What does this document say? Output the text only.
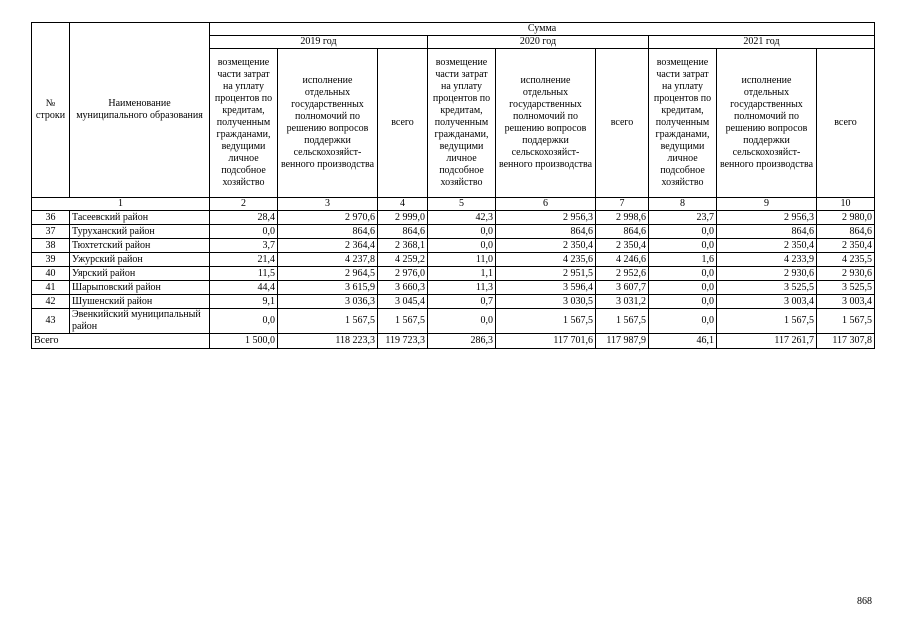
№ строки	Наименование муниципального образования	Сумма								
		2019 год			2020 год			2021 год		
		возмещение части затрат на уплату процентов по кредитам, полученным гражданами, ведущими личное подсобное хозяйство	исполнение отдельных государственных полномочий по решению вопросов поддержки сельскохозяйст-венного производства	всего	возмещение части затрат на уплату процентов по кредитам, полученным гражданами, ведущими личное подсобное хозяйство	исполнение отдельных государственных полномочий по решению вопросов поддержки сельскохозяйст-венного производства	всего	возмещение части затрат на уплату процентов по кредитам, полученным гражданами, ведущими личное подсобное хозяйство	исполнение отдельных государственных полномочий по решению вопросов поддержки сельскохозяйст-венного производства	всего
1		2	3	4	5	6	7	8	9	10
36	Тасеевский район	28,4	2 970,6	2 999,0	42,3	2 956,3	2 998,6	23,7	2 956,3	2 980,0
37	Туруханский район	0,0	864,6	864,6	0,0	864,6	864,6	0,0	864,6	864,6
38	Тюхтетский район	3,7	2 364,4	2 368,1	0,0	2 350,4	2 350,4	0,0	2 350,4	2 350,4
39	Ужурский район	21,4	4 237,8	4 259,2	11,0	4 235,6	4 246,6	1,6	4 233,9	4 235,5
40	Уярский район	11,5	2 964,5	2 976,0	1,1	2 951,5	2 952,6	0,0	2 930,6	2 930,6
41	Шарыповский район	44,4	3 615,9	3 660,3	11,3	3 596,4	3 607,7	0,0	3 525,5	3 525,5
42	Шушенский район	9,1	3 036,3	3 045,4	0,7	3 030,5	3 031,2	0,0	3 003,4	3 003,4
43	Эвенкийский муниципальный район	0,0	1 567,5	1 567,5	0,0	1 567,5	1 567,5	0,0	1 567,5	1 567,5
Всего		1 500,0	118 223,3	119 723,3	286,3	117 701,6	117 987,9	46,1	117 261,7	117 307,8
868
